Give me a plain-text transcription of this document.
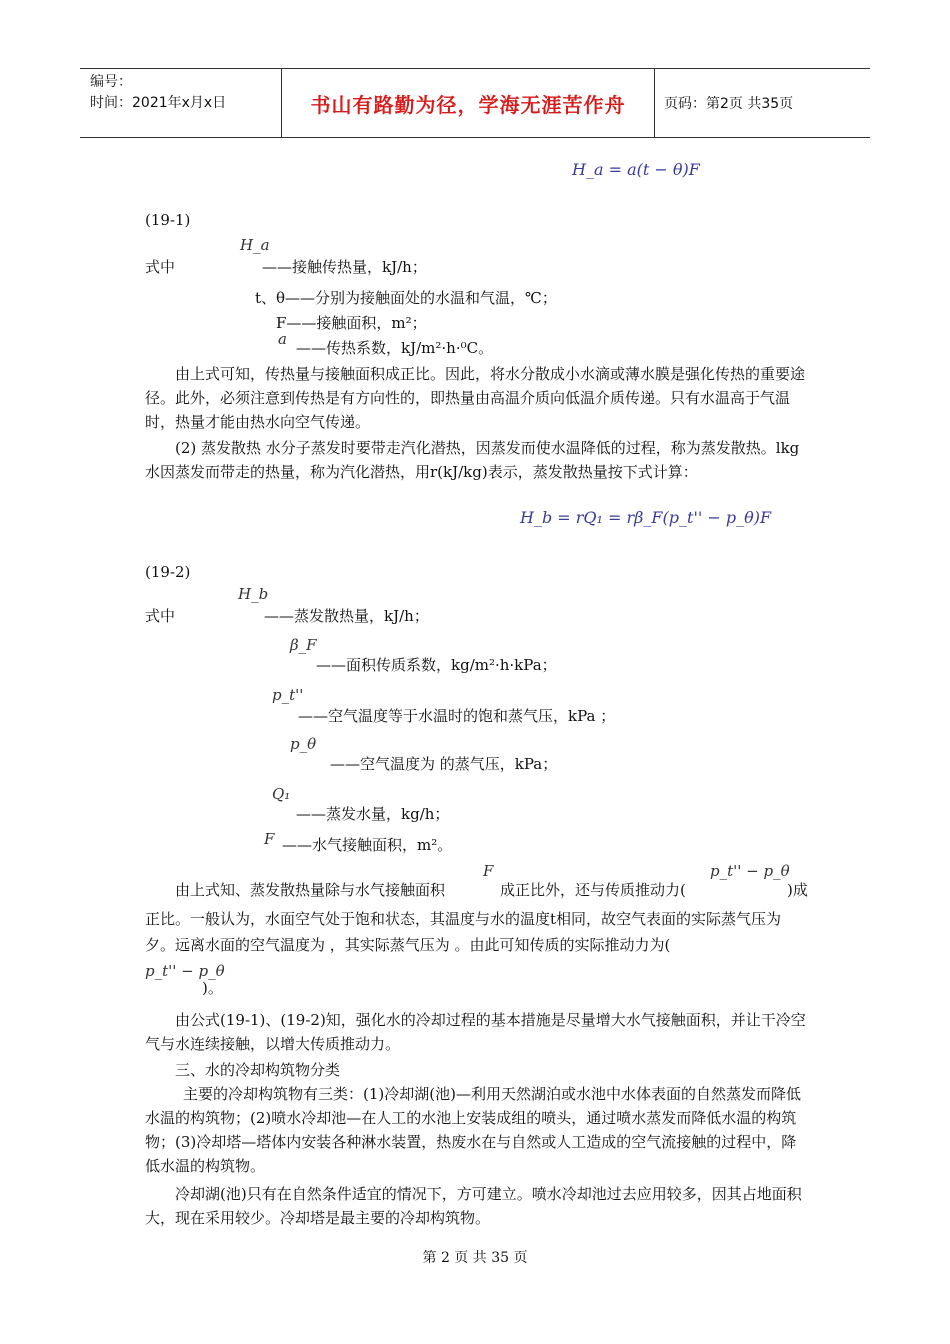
编号：
时间：2021年x月x日	书山有路勤为径，学海无涯苦作舟	页码：第2页 共35页
H_a = a(t − θ)F
(19-1)
式中
H_a
——接触传热量，kJ/h；
t、θ——分别为接触面处的水温和气温，℃；
F——接触面积，m²；
a ——传热系数，kJ/m²·h·⁰C。
由上式可知，传热量与接触面积成正比。因此，将水分散成小水滴或薄水膜是强化传热的重要途径。此外，必须注意到传热是有方向性的，即热量由高温介质向低温介质传递。只有水温高于气温时，热量才能由热水向空气传递。
(2) 蒸发散热 水分子蒸发时要带走汽化潜热，因蒸发而使水温降低的过程，称为蒸发散热。lkg水因蒸发而带走的热量，称为汽化潜热，用r(kJ/kg)表示，蒸发散热量按下式计算：
H_b = rQ₁ = rβ_F(p_t'' − p_θ)F
(19-2)
式中
H_b
——蒸发散热量，kJ/h；
β_F
——面积传质系数，kg/m²·h·kPa；
p_t''
——空气温度等于水温时的饱和蒸气压，kPa ；
p_θ
——空气温度为 的蒸气压，kPa；
Q₁
——蒸发水量，kg/h；
F ——水气接触面积，m²。
由上式知、蒸发散热量除与水气接触面积
F
成正比外，还与传质推动力(
p_t'' − p_θ
)成
正比。一般认为，水面空气处于饱和状态，其温度与水的温度t相同，故空气表面的实际蒸气压为夕。远离水面的空气温度为 ，其实际蒸气压为 。由此可知传质的实际推动力为(
p_t'' − p_θ
)。
由公式(19-1)、(19-2)知，强化水的冷却过程的基本措施是尽量增大水气接触面积，并让干冷空气与水连续接触，以增大传质推动力。
三、水的冷却构筑物分类
主要的冷却构筑物有三类：(1)冷却湖(池)—利用天然湖泊或水池中水体表面的自然蒸发而降低水温的构筑物；(2)喷水冷却池—在人工的水池上安装成组的喷头，通过喷水蒸发而降低水温的构筑物；(3)冷却塔—塔体内安装各种淋水装置，热废水在与自然或人工造成的空气流接触的过程中，降低水温的构筑物。
冷却湖(池)只有在自然条件适宜的情况下，方可建立。喷水冷却池过去应用较多，因其占地面积大，现在采用较少。冷却塔是最主要的冷却构筑物。
第 2 页 共 35 页
